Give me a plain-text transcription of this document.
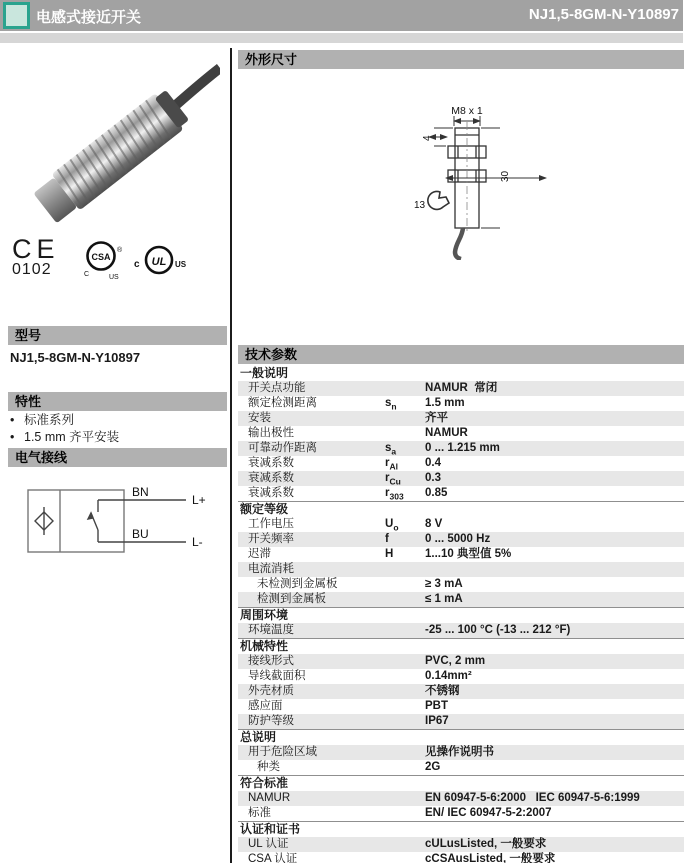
电感式接近开关	NJ1,5-8GM-N-Y10897
CE
0102
CSA
®
C	US
c UL US
型号
NJ1,5-8GM-N-Y10897
特性
• 标准系列
• 1.5 mm 齐平安装
电气接线
BN
BU
L+
L-
外形尺寸
M8 x 1
4
30
13
技术参数
一般说明
开关点功能	NAMUR  常闭
额定检测距离	$s_n$ 1.5 mm
安装	齐平
输出极性	NAMUR
可靠动作距离	$s_a$	0 ... 1.215 mm
衰减系数	$r_{Al}$ 0.4
衰减系数	$r_{Cu}$ 0.3
衰减系数	$r_{303}$ 0.85
额定等级
工作电压	$U_o$ 8 V
开关频率	f	0 ... 5000 Hz
迟滞	H	1...10 典型值 5%
电流消耗
未检测到金属板	≥ 3 mA
检测到金属板	≤ 1 mA
周围环境
环境温度	-25 ... 100 °C (-13 ... 212 °F)
机械特性
接线形式	PVC, 2 mm
导线截面积	0.14mm²
外壳材质	不锈钢
感应面	PBT
防护等级	IP67
总说明
用于危险区域	见操作说明书
种类	2G
符合标准
NAMUR	EN 60947-5-6:2000   IEC 60947-5-6:1999
标准	EN/ IEC 60947-5-2:2007
认证和证书
UL 认证	cULusListed, 一般要求
CSA 认证	cCSAusListed, 一般要求
